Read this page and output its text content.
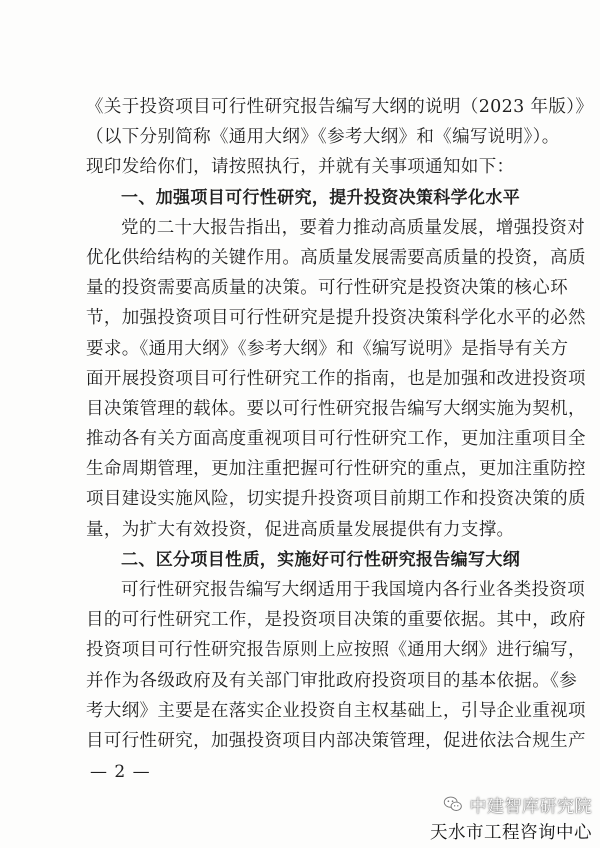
《关于投资项目可行性研究报告编写大纲的说明（2023 年版）》
（以下分别简称《通用大纲》《参考大纲》和《编写说明》）。
现印发给你们，请按照执行，并就有关事项通知如下：
一、加强项目可行性研究，提升投资决策科学化水平
党的二十大报告指出，要着力推动高质量发展，增强投资对
优化供给结构的关键作用。高质量发展需要高质量的投资，高质
量的投资需要高质量的决策。可行性研究是投资决策的核心环
节，加强投资项目可行性研究是提升投资决策科学化水平的必然
要求。《通用大纲》《参考大纲》和《编写说明》是指导有关方
面开展投资项目可行性研究工作的指南，也是加强和改进投资项
目决策管理的载体。要以可行性研究报告编写大纲实施为契机，
推动各有关方面高度重视项目可行性研究工作，更加注重项目全
生命周期管理，更加注重把握可行性研究的重点，更加注重防控
项目建设实施风险，切实提升投资项目前期工作和投资决策的质
量，为扩大有效投资，促进高质量发展提供有力支撑。
二、区分项目性质，实施好可行性研究报告编写大纲
可行性研究报告编写大纲适用于我国境内各行业各类投资项
目的可行性研究工作，是投资项目决策的重要依据。其中，政府
投资项目可行性研究报告原则上应按照《通用大纲》进行编写，
并作为各级政府及有关部门审批政府投资项目的基本依据。《参
考大纲》主要是在落实企业投资自主权基础上，引导企业重视项
目可行性研究，加强投资项目内部决策管理，促进依法合规生产
— 2 —
中建智库研究院
天水市工程咨询中心
